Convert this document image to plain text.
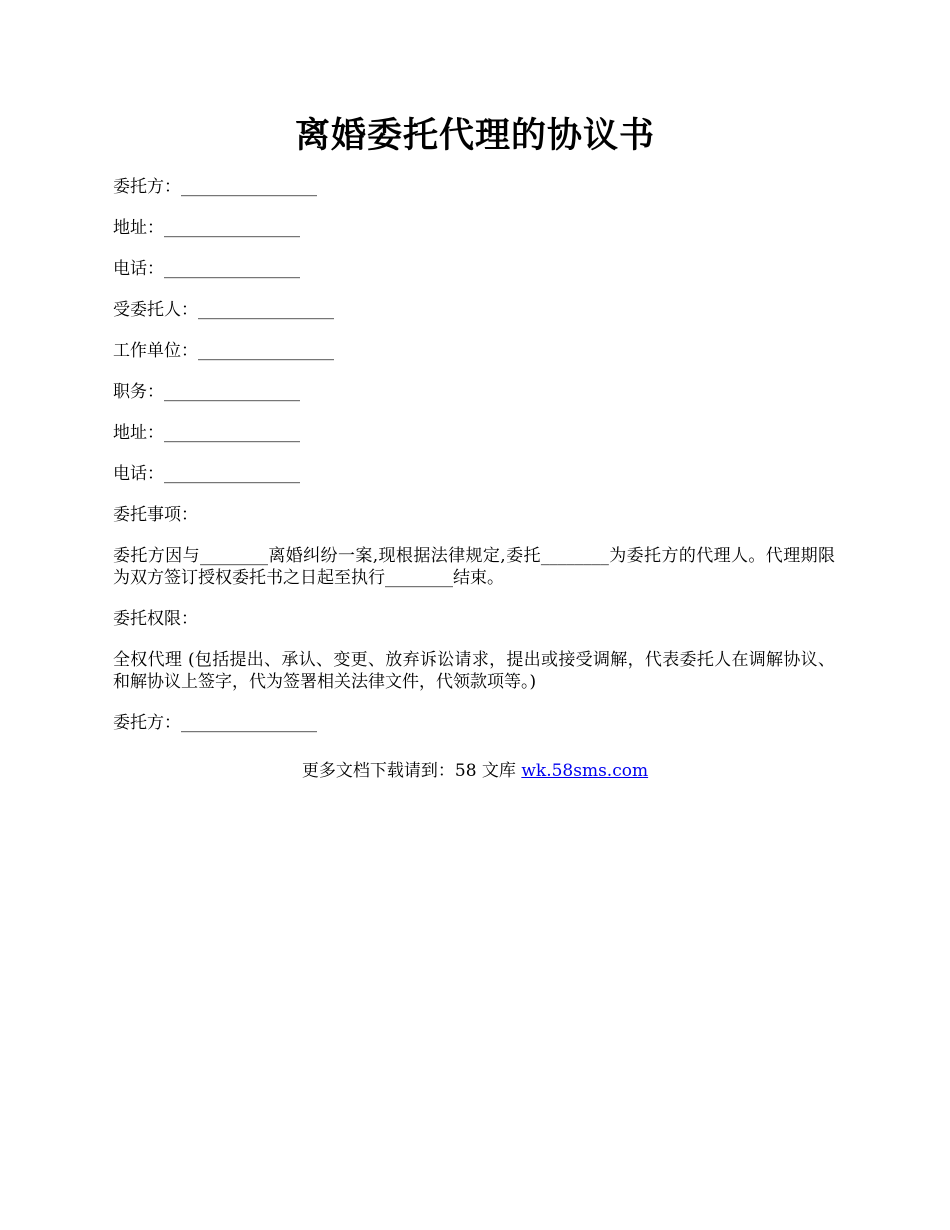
离婚委托代理的协议书
委托方：________________
地址：________________
电话：________________
受委托人：________________
工作单位：________________
职务：________________
地址：________________
电话：________________
委托事项：
委托方因与________离婚纠纷一案,现根据法律规定,委托________为委托方的代理人。代理期限为双方签订授权委托书之日起至执行________结束。
委托权限：
全权代理 (包括提出、承认、变更、放弃诉讼请求，提出或接受调解，代表委托人在调解协议、和解协议上签字，代为签署相关法律文件，代领款项等。)
委托方：________________
更多文档下载请到：58 文库 wk.58sms.com
